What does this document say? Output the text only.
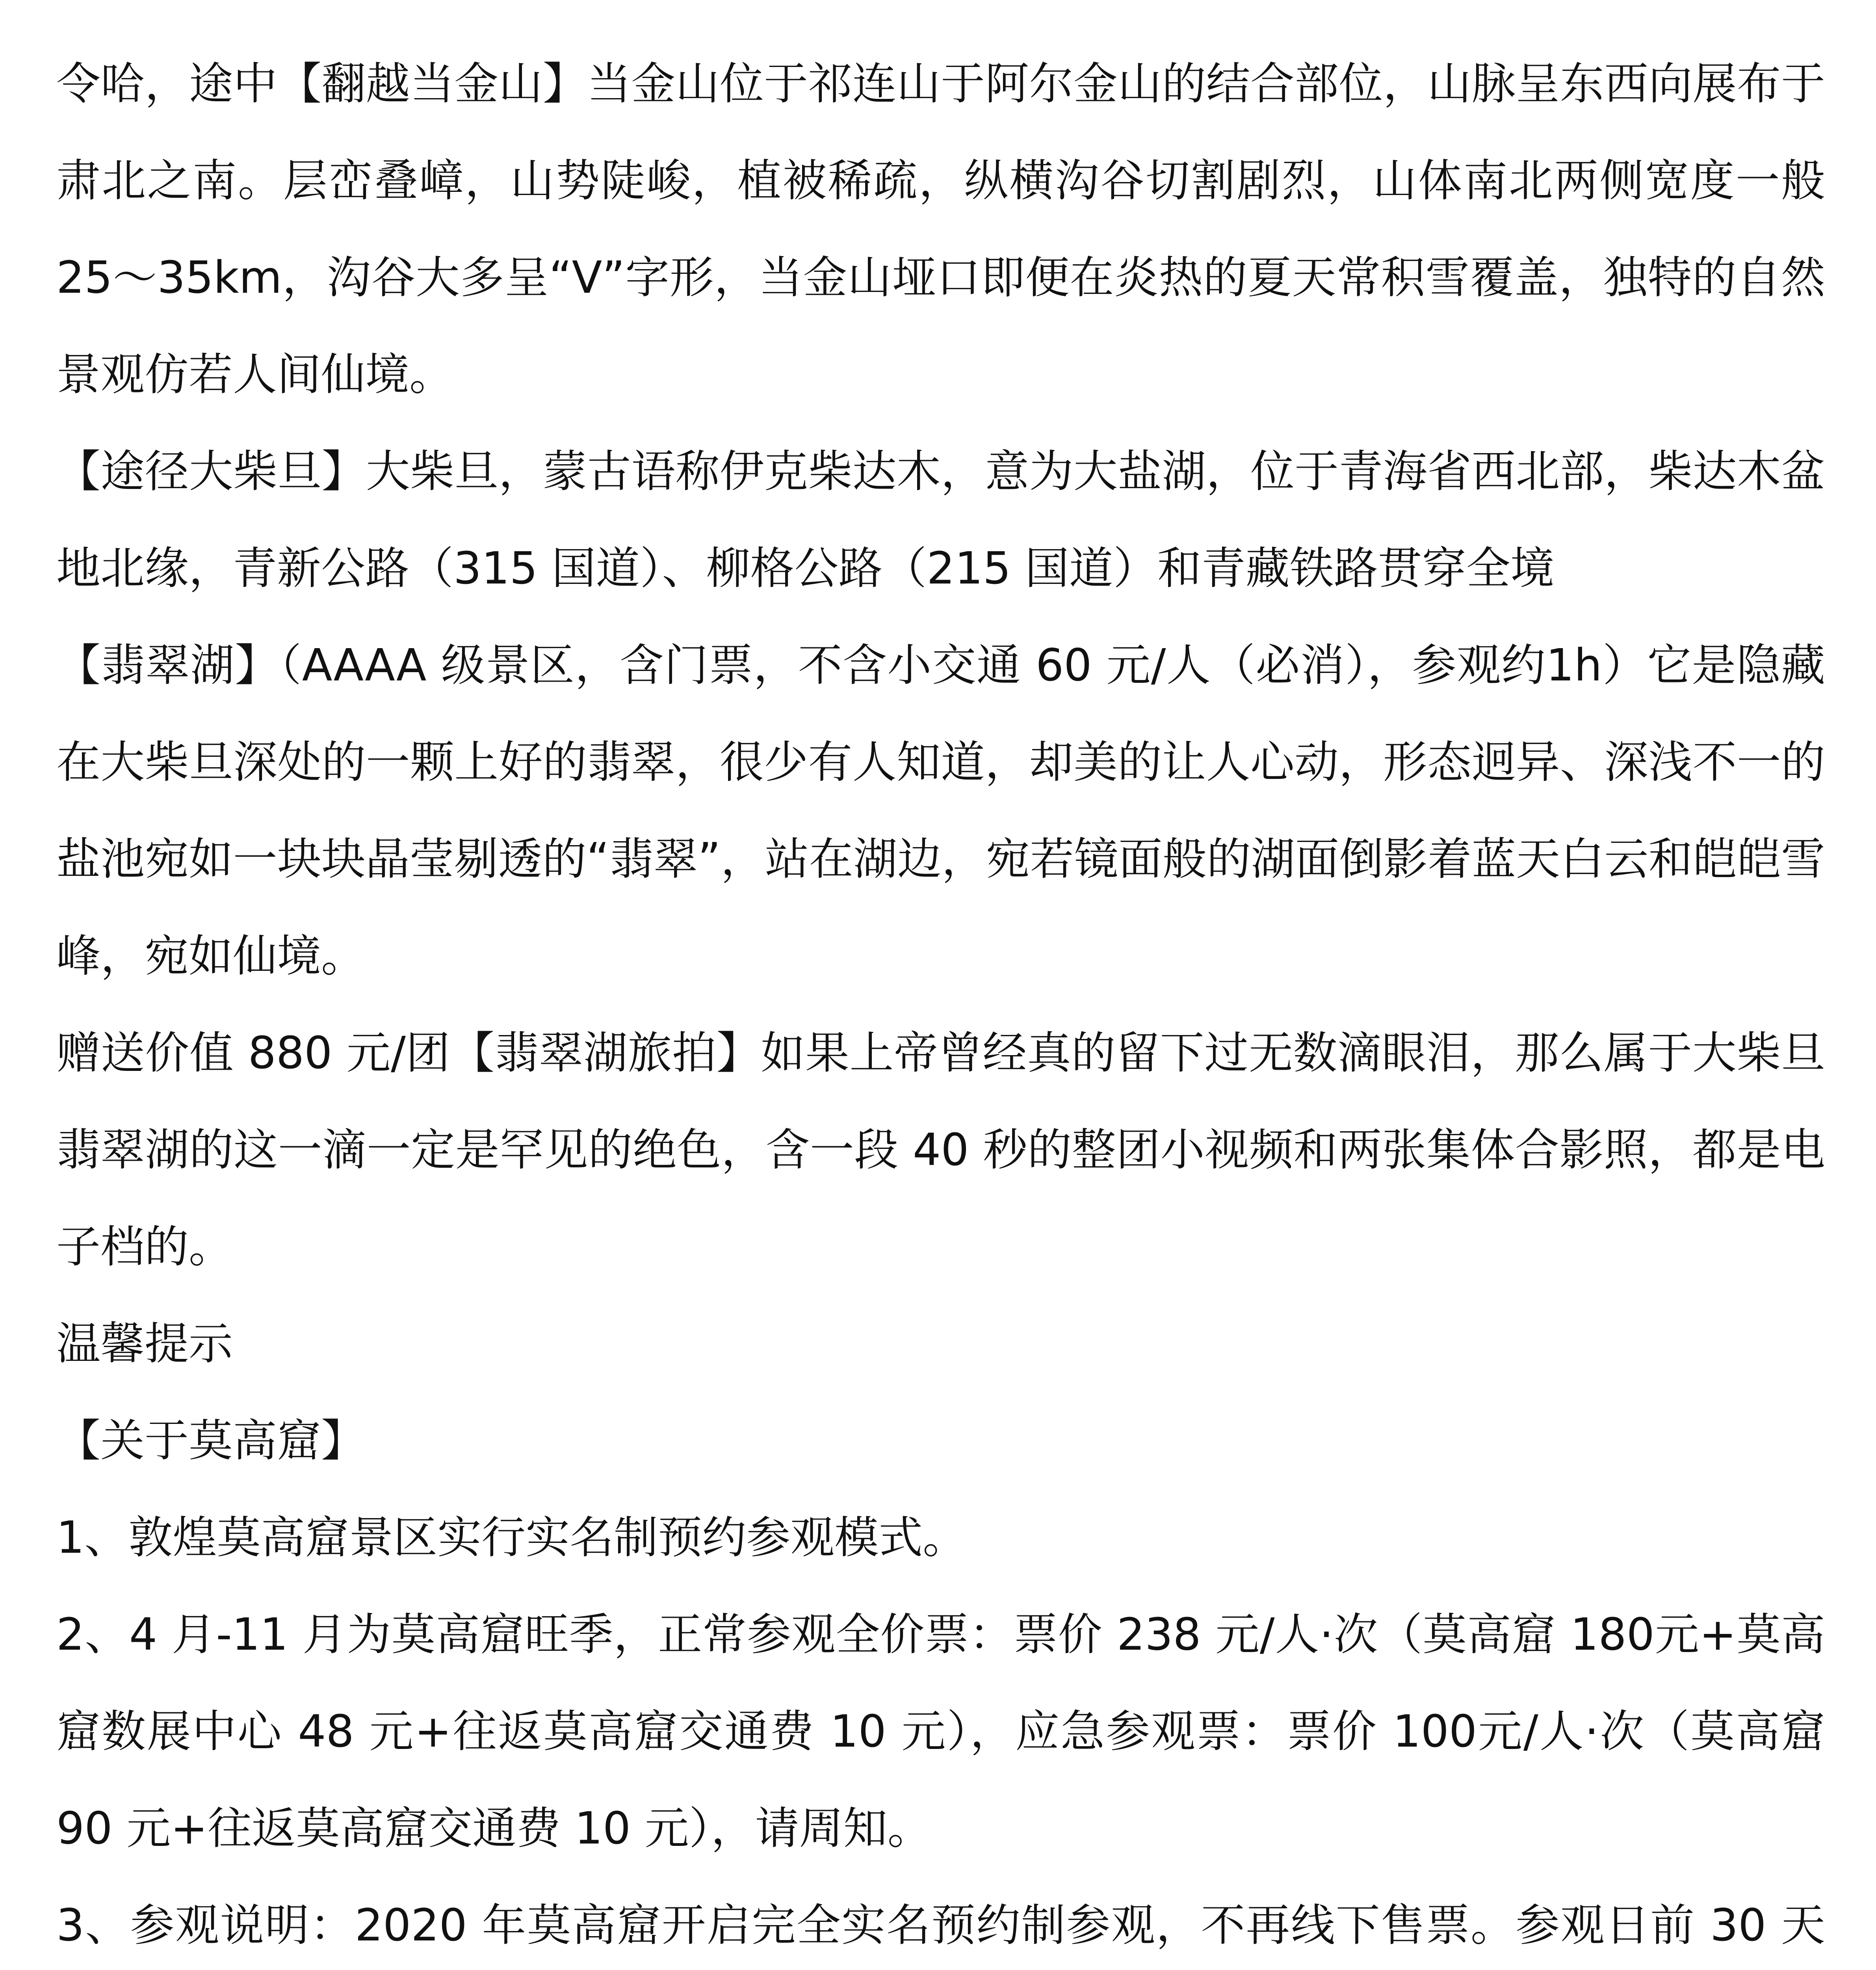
令哈，途中【翻越当金山】当金山位于祁连山于阿尔金山的结合部位，山脉呈东西向展布于肃北之南。层峦叠嶂，山势陡峻，植被稀疏，纵横沟谷切割剧烈，山体南北两侧宽度一般 25～35km，沟谷大多呈“V”字形，当金山垭口即便在炎热的夏天常积雪覆盖，独特的自然景观仿若人间仙境。

【途径大柴旦】大柴旦，蒙古语称伊克柴达木，意为大盐湖，位于青海省西北部，柴达木盆地北缘，青新公路（315 国道）、柳格公路（215 国道）和青藏铁路贯穿全境

【翡翠湖】（AAAA 级景区，含门票，不含小交通 60 元/人（必消），参观约1h）它是隐藏在大柴旦深处的一颗上好的翡翠，很少有人知道，却美的让人心动，形态迥异、深浅不一的 盐池宛如一块块晶莹剔透的“翡翠”，站在湖边，宛若镜面般的湖面倒影着蓝天白云和皑皑雪峰，宛如仙境。

赠送价值 880 元/团【翡翠湖旅拍】如果上帝曾经真的留下过无数滴眼泪，那么属于大柴旦翡翠湖的这一滴一定是罕见的绝色，含一段 40 秒的整团小视频和两张集体合影照，都是电子档的。

温馨提示

【关于莫高窟】

1、敦煌莫高窟景区实行实名制预约参观模式。

2、4 月-11 月为莫高窟旺季，正常参观全价票：票价 238 元/人·次（莫高窟 180元+莫高窟数展中心 48 元+往返莫高窟交通费 10 元），应急参观票：票价 100元/人·次（莫高窟 90 元+往返莫高窟交通费 10 元），请周知。

3、参观说明：2020 年莫高窟开启完全实名预约制参观，不再线下售票。参观日前 30 天
